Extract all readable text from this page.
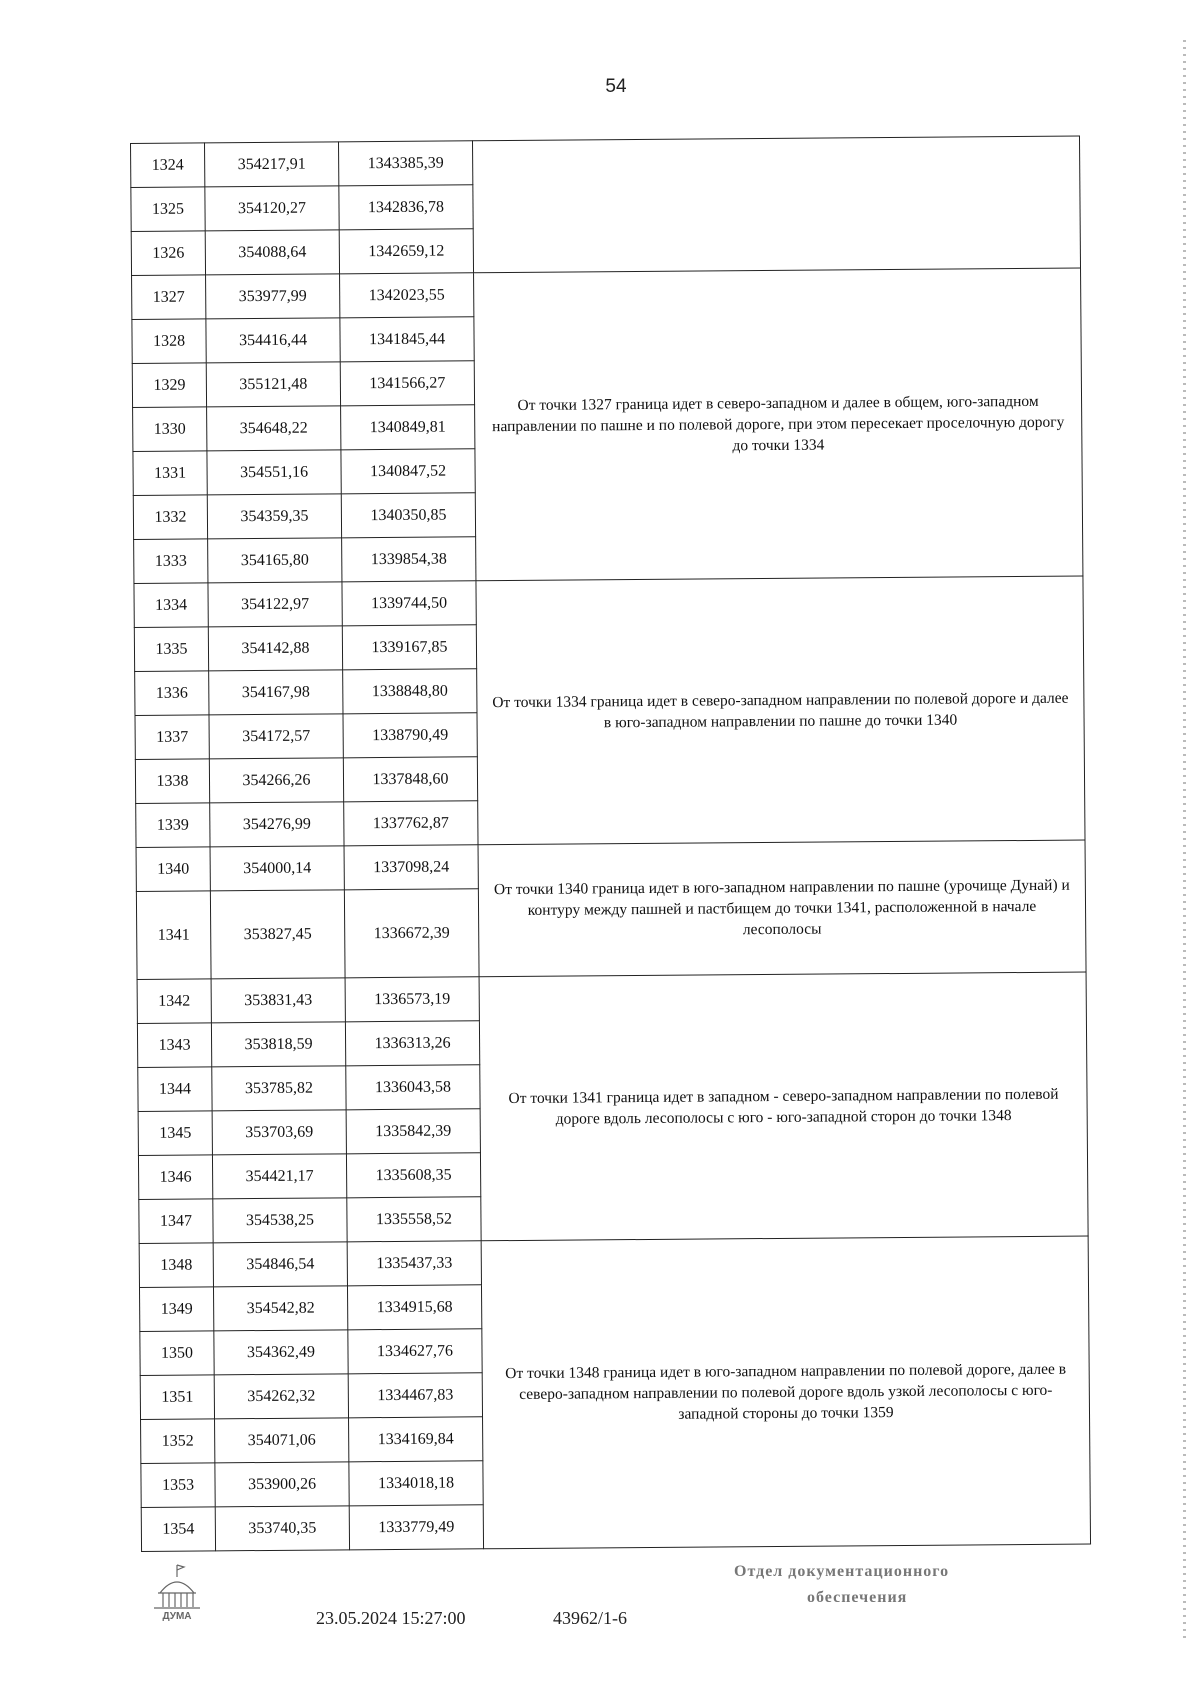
54
1324	354217,91	1343385,39	
1325	354120,27	1342836,78	
1326	354088,64	1342659,12	
1327	353977,99	1342023,55	От точки 1327 граница идет в северо-западном и далее в общем, юго-западном направлении по пашне и по полевой дороге, при этом пересекает проселочную дорогу до точки 1334
1328	354416,44	1341845,44	
1329	355121,48	1341566,27	
1330	354648,22	1340849,81	
1331	354551,16	1340847,52	
1332	354359,35	1340350,85	
1333	354165,80	1339854,38	
1334	354122,97	1339744,50	От точки 1334 граница идет в северо-западном направлении по полевой дороге и далее в юго-западном направлении по пашне до точки 1340
1335	354142,88	1339167,85	
1336	354167,98	1338848,80	
1337	354172,57	1338790,49	
1338	354266,26	1337848,60	
1339	354276,99	1337762,87	
1340	354000,14	1337098,24	От точки 1340 граница идет в юго-западном направлении по пашне (урочище Дунай) и контуру между пашней и пастбищем до точки 1341, расположенной в начале лесополосы
1341	353827,45	1336672,39	
1342	353831,43	1336573,19	От точки 1341 граница идет в западном - северо-западном направлении по полевой дороге вдоль лесополосы с юго - юго-западной сторон до точки 1348
1343	353818,59	1336313,26	
1344	353785,82	1336043,58	
1345	353703,69	1335842,39	
1346	354421,17	1335608,35	
1347	354538,25	1335558,52	
1348	354846,54	1335437,33	От точки 1348 граница идет в юго-западном направлении по полевой дороге, далее в северо-западном направлении по полевой дороге вдоль узкой лесополосы с юго-западной стороны до точки 1359
1349	354542,82	1334915,68	
1350	354362,49	1334627,76	
1351	354262,32	1334467,83	
1352	354071,06	1334169,84	
1353	353900,26	1334018,18	
1354	353740,35	1333779,49	
ДУМА	23.05.2024 15:27:00	43962/1-6
Отдел документационного
обеспечения
